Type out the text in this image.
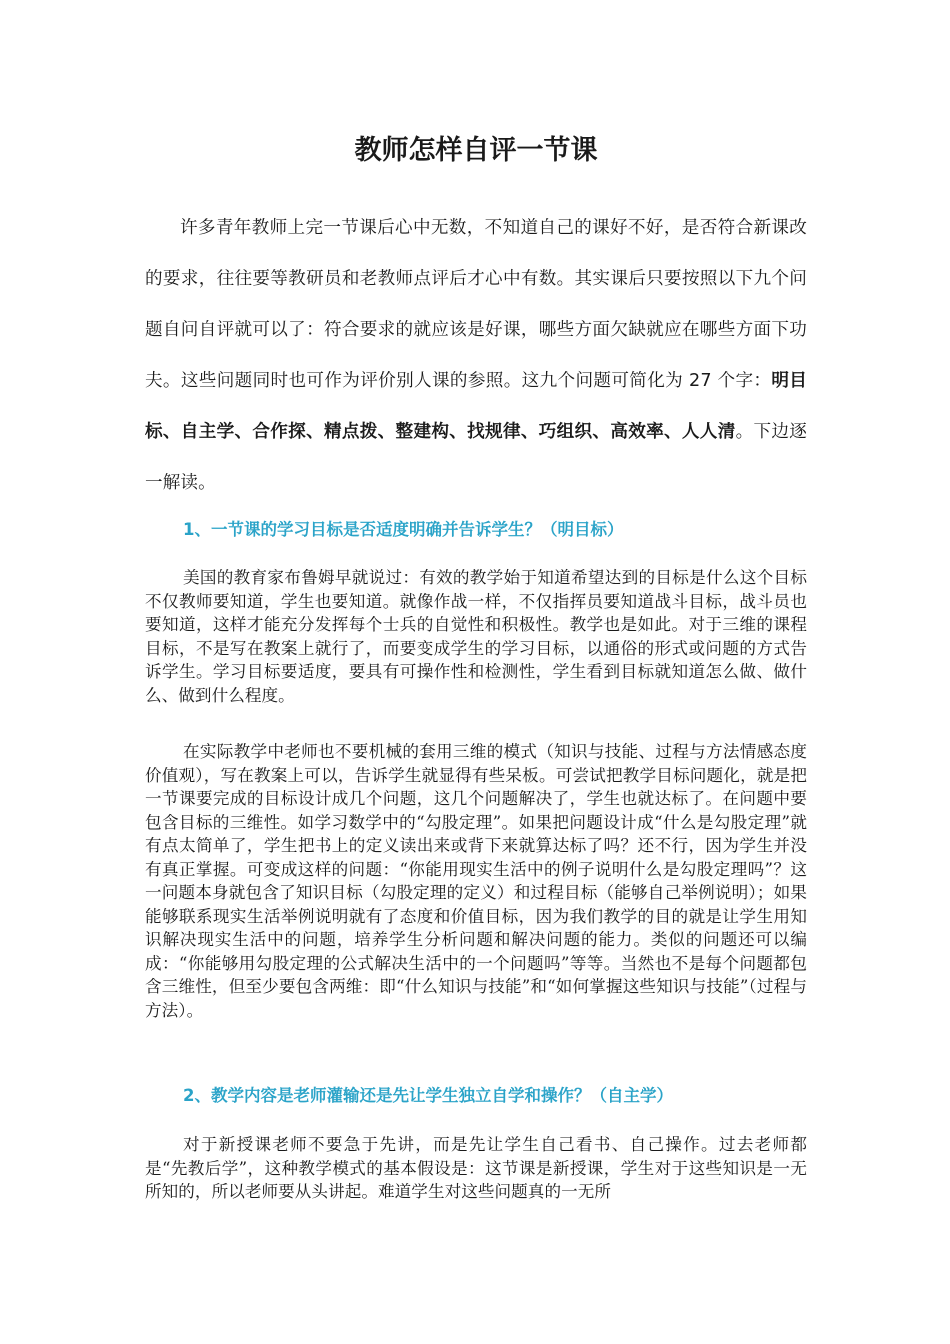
教师怎样自评一节课

许多青年教师上完一节课后心中无数，不知道自己的课好不好，是否符合新课改的要求，往往要等教研员和老教师点评后才心中有数。其实课后只要按照以下九个问题自问自评就可以了：符合要求的就应该是好课，哪些方面欠缺就应在哪些方面下功夫。这些问题同时也可作为评价别人课的参照。这九个问题可简化为 27 个字：明目标、自主学、合作探、精点拨、整建构、找规律、巧组织、高效率、人人清。下边逐一解读。

1、一节课的学习目标是否适度明确并告诉学生？（明目标）

美国的教育家布鲁姆早就说过：有效的教学始于知道希望达到的目标是什么这个目标不仅教师要知道，学生也要知道。就像作战一样，不仅指挥员要知道战斗目标，战斗员也要知道，这样才能充分发挥每个士兵的自觉性和积极性。教学也是如此。对于三维的课程目标，不是写在教案上就行了，而要变成学生的学习目标，以通俗的形式或问题的方式告诉学生。学习目标要适度，要具有可操作性和检测性，学生看到目标就知道怎么做、做什么、做到什么程度。

在实际教学中老师也不要机械的套用三维的模式（知识与技能、过程与方法情感态度价值观），写在教案上可以，告诉学生就显得有些呆板。可尝试把教学目标问题化，就是把一节课要完成的目标设计成几个问题，这几个问题解决了，学生也就达标了。在问题中要包含目标的三维性。如学习数学中的“勾股定理”。如果把问题设计成“什么是勾股定理”就有点太简单了，学生把书上的定义读出来或背下来就算达标了吗？还不行，因为学生并没有真正掌握。可变成这样的问题：“你能用现实生活中的例子说明什么是勾股定理吗”？这一问题本身就包含了知识目标（勾股定理的定义）和过程目标（能够自己举例说明）；如果能够联系现实生活举例说明就有了态度和价值目标，因为我们教学的目的就是让学生用知识解决现实生活中的问题，培养学生分析问题和解决问题的能力。类似的问题还可以编成：“你能够用勾股定理的公式解决生活中的一个问题吗”等等。当然也不是每个问题都包含三维性，但至少要包含两维：即“什么知识与技能”和“如何掌握这些知识与技能”（过程与方法）。

2、教学内容是老师灌输还是先让学生独立自学和操作？（自主学）

对于新授课老师不要急于先讲，而是先让学生自己看书、自己操作。过去老师都是“先教后学”，这种教学模式的基本假设是：这节课是新授课，学生对于这些知识是一无所知的，所以老师要从头讲起。难道学生对这些问题真的一无所
